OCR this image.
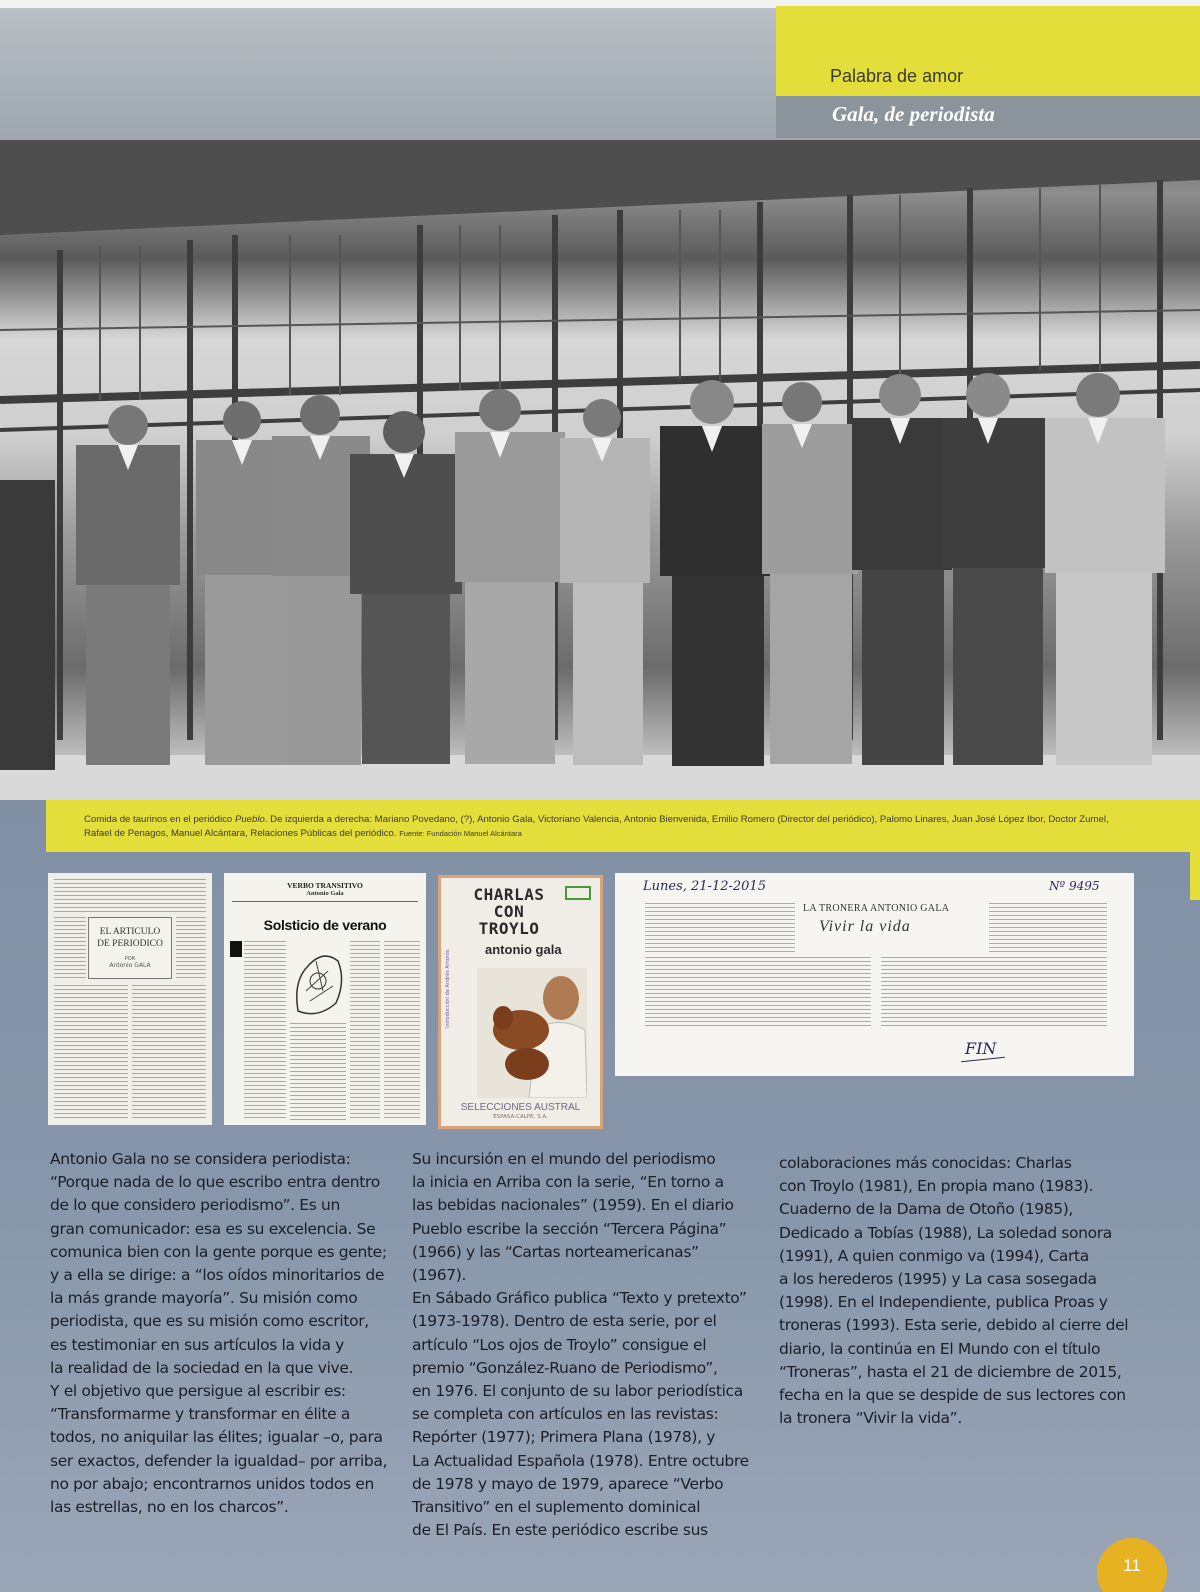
Palabra de amor
Gala, de periodista
Comida de taurinos en el periódico Pueblo. De izquierda a derecha: Mariano Povedano, (?), Antonio Gala, Victoriano Valencia, Antonio Bienvenida, Emilio Romero (Director del periódico), Palomo Linares, Juan José López Ibor, Doctor Zumel, Rafael de Penagos, Manuel Alcántara, Relaciones Públicas del periódico. Fuente: Fundación Manuel Alcántara
EL ARTICULO
DE PERIODICO
POR
Antonio GALA
VERBO TRANSITIVO
Antonio Gala
Solsticio de verano
CHARLAS
CON
TROYLO
antonio gala
Introducción de Andrés Amorós
SELECCIONES AUSTRAL
ESPASA-CALPE, S.A.
Lunes, 21-12-2015	Nº 9495
LA TRONERA ANTONIO GALA
Vivir la vida
FIN
Antonio Gala no se considera periodista:
“Porque nada de lo que escribo entra dentro
de lo que considero periodismo”. Es un
gran comunicador: esa es su excelencia. Se
comunica bien con la gente porque es gente;
y a ella se dirige: a “los oídos minoritarios de
la más grande mayoría”. Su misión como
periodista, que es su misión como escritor,
es testimoniar en sus artículos la vida y
la realidad de la sociedad en la que vive.
Y el objetivo que persigue al escribir es:
“Transformarme y transformar en élite a
todos, no aniquilar las élites; igualar –o, para
ser exactos, defender la igualdad– por arriba,
no por abajo; encontrarnos unidos todos en
las estrellas, no en los charcos”.
Su incursión en el mundo del periodismo
la inicia en Arriba con la serie, “En torno a
las bebidas nacionales” (1959). En el diario
Pueblo escribe la sección “Tercera Página”
(1966) y las “Cartas norteamericanas” (1967).
En Sábado Gráfico publica “Texto y pretexto”
(1973-1978). Dentro de esta serie, por el
artículo “Los ojos de Troylo” consigue el
premio “González-Ruano de Periodismo”,
en 1976. El conjunto de su labor periodística
se completa con artículos en las revistas:
Repórter (1977); Primera Plana (1978), y
La Actualidad Española (1978). Entre octubre
de 1978 y mayo de 1979, aparece “Verbo
Transitivo” en el suplemento dominical
de El País. En este periódico escribe sus
colaboraciones más conocidas: Charlas
con Troylo (1981), En propia mano (1983).
Cuaderno de la Dama de Otoño (1985),
Dedicado a Tobías (1988), La soledad sonora
(1991), A quien conmigo va (1994), Carta
a los herederos (1995) y La casa sosegada
(1998). En el Independiente, publica Proas y
troneras (1993). Esta serie, debido al cierre del
diario, la continúa en El Mundo con el título
“Troneras”, hasta el 21 de diciembre de 2015,
fecha en la que se despide de sus lectores con
la tronera “Vivir la vida”.
11
